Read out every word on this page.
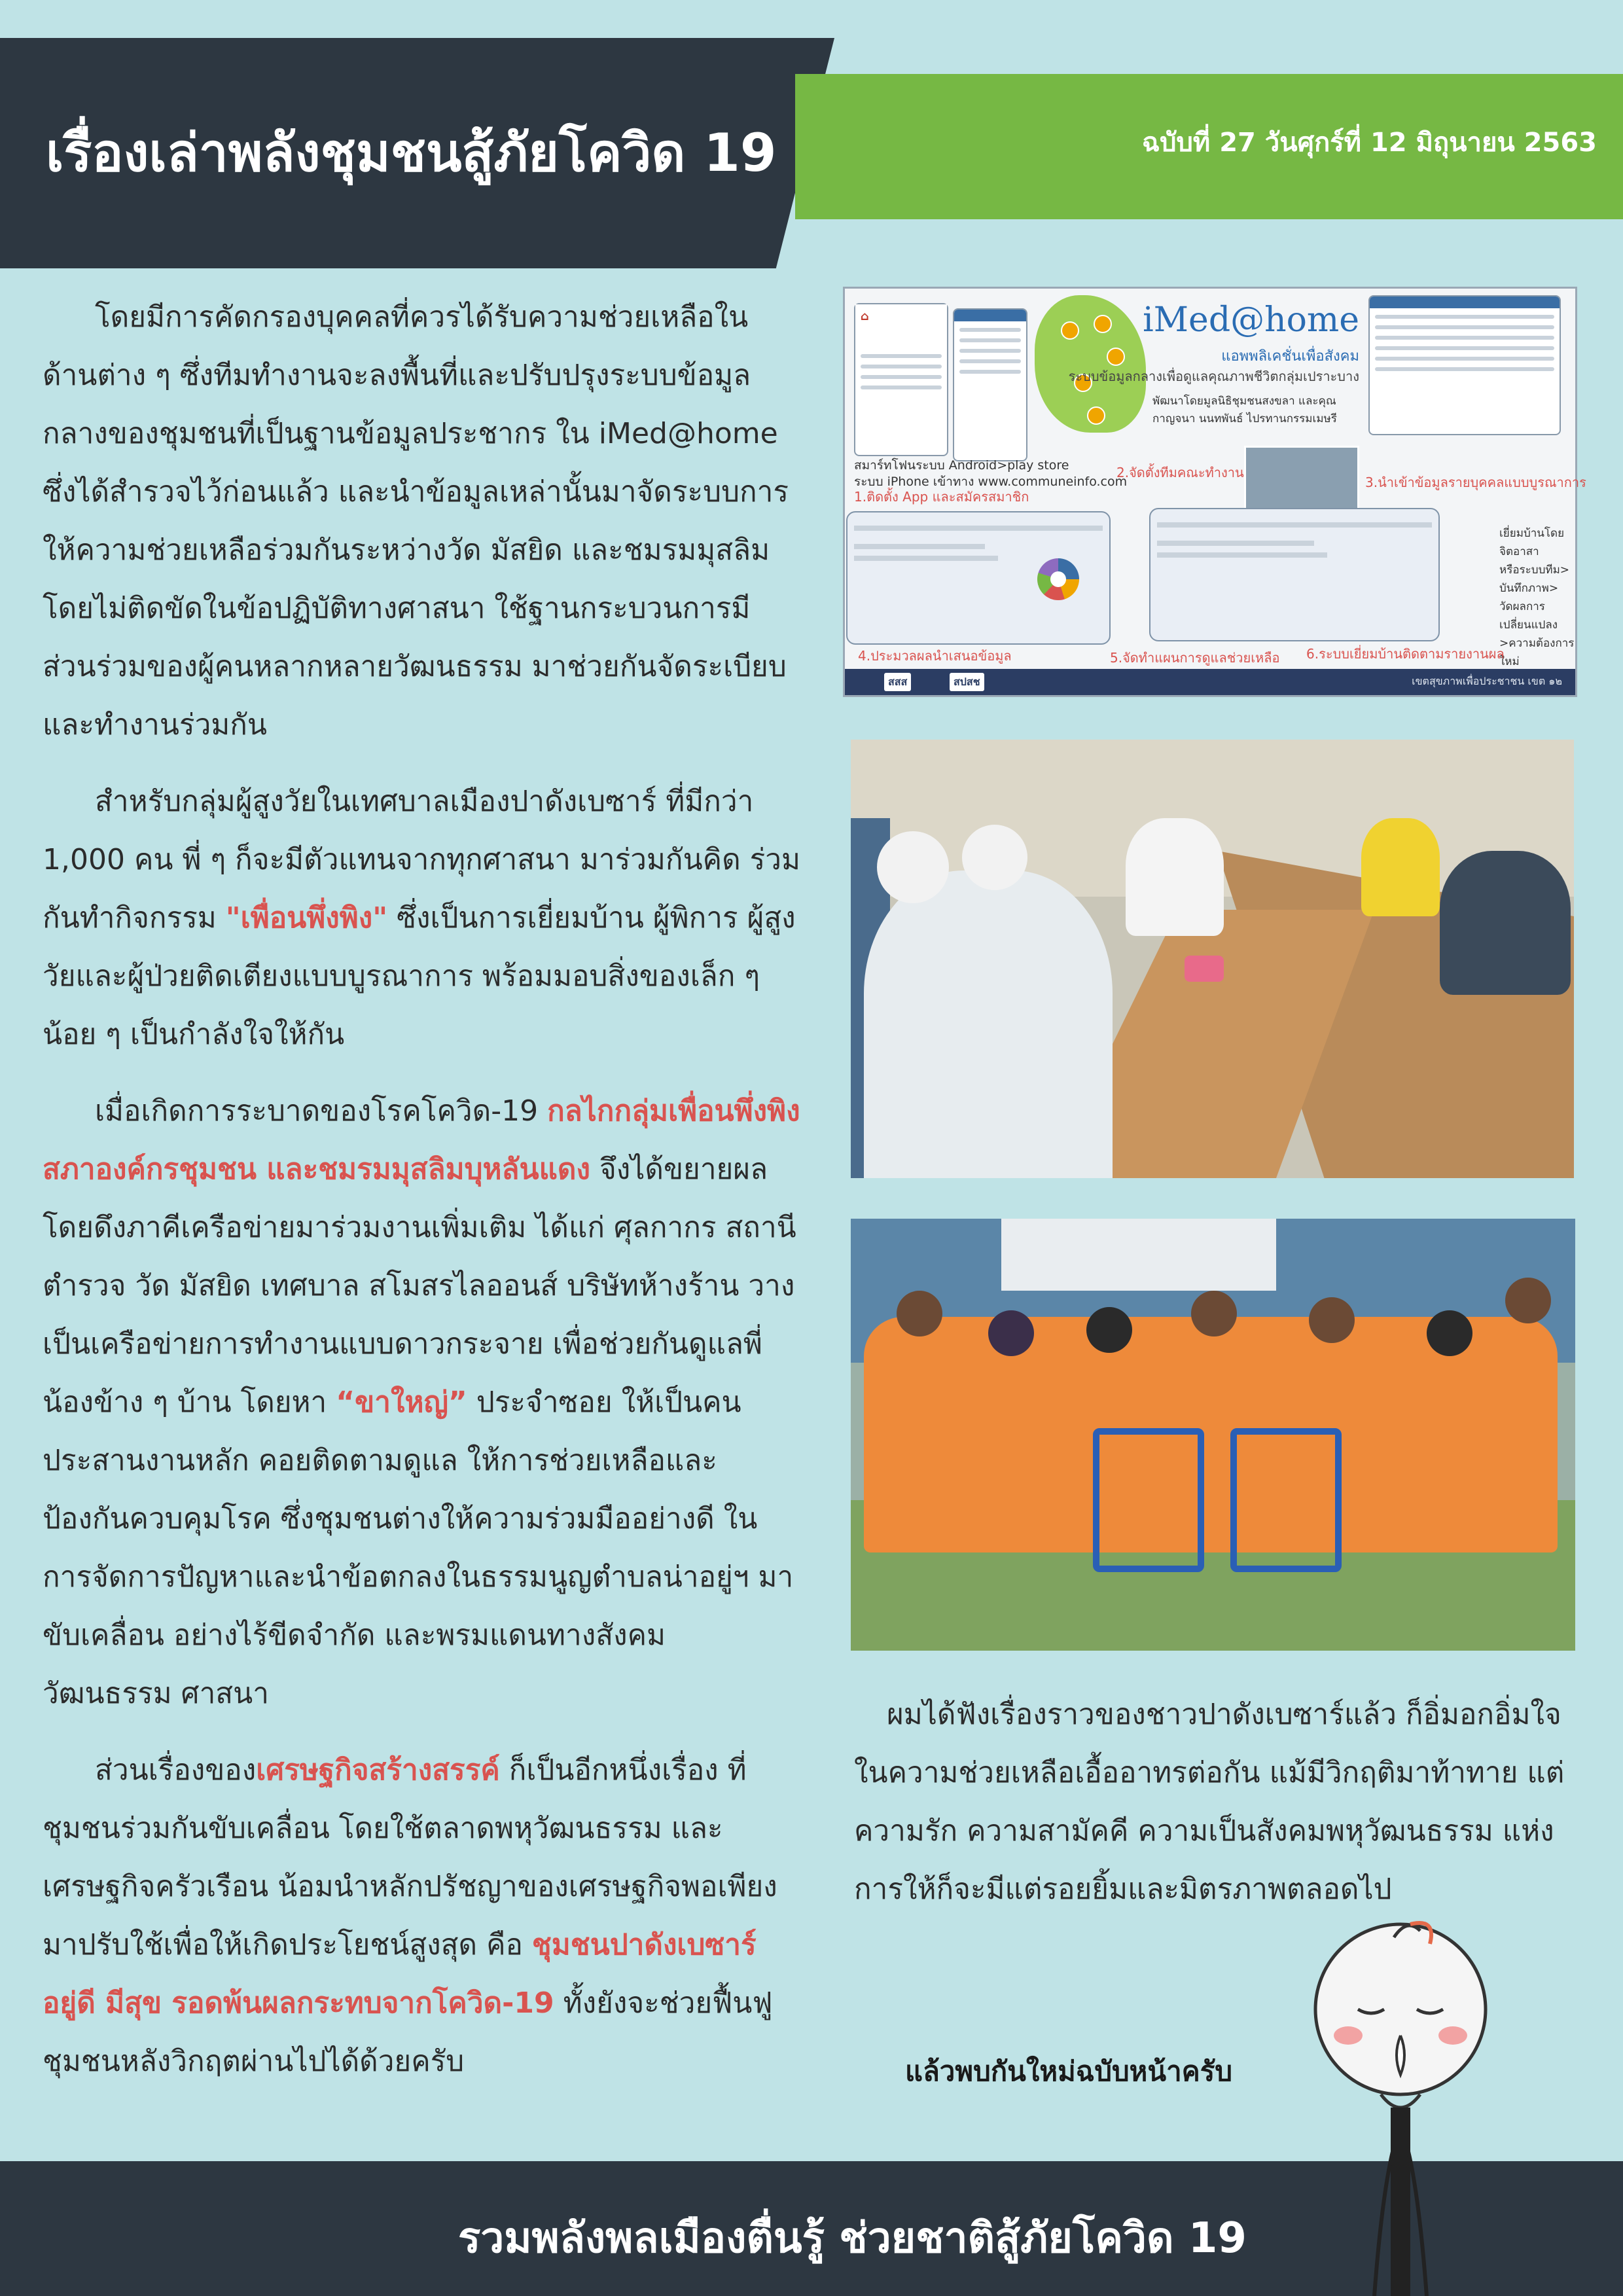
เรื่องเล่าพลังชุมชนสู้ภัยโควิด 19	ฉบับที่ 27 วันศุกร์ที่ 12 มิถุนายน 2563

โดยมีการคัดกรองบุคคลที่ควรได้รับความช่วยเหลือในด้านต่าง ๆ ซึ่งทีมทำงานจะลงพื้นที่และปรับปรุงระบบข้อมูลกลางของชุมชนที่เป็นฐานข้อมูลประชากร ใน iMed@home ซึ่งได้สำรวจไว้ก่อนแล้ว และนำข้อมูลเหล่านั้นมาจัดระบบการให้ความช่วยเหลือร่วมกันระหว่างวัด มัสยิด และชมรมมุสลิม โดยไม่ติดขัดในข้อปฏิบัติทางศาสนา ใช้ฐานกระบวนการมีส่วนร่วมของผู้คนหลากหลายวัฒนธรรม มาช่วยกันจัดระเบียบและทำงานร่วมกัน

สำหรับกลุ่มผู้สูงวัยในเทศบาลเมืองปาดังเบซาร์ ที่มีกว่า 1,000 คน พี่ ๆ ก็จะมีตัวแทนจากทุกศาสนา มาร่วมกันคิด ร่วมกันทำกิจกรรม "เพื่อนพึ่งพิง" ซึ่งเป็นการเยี่ยมบ้าน ผู้พิการ ผู้สูงวัยและผู้ป่วยติดเตียงแบบบูรณาการ พร้อมมอบสิ่งของเล็ก ๆ น้อย ๆ เป็นกำลังใจให้กัน

เมื่อเกิดการระบาดของโรคโควิด-19 กลไกกลุ่มเพื่อนพึ่งพิง สภาองค์กรชุมชน และชมรมมุสลิมบุหลันแดง จึงได้ขยายผล โดยดึงภาคีเครือข่ายมาร่วมงานเพิ่มเติม ได้แก่ ศุลกากร สถานีตำรวจ วัด มัสยิด เทศบาล สโมสรไลออนส์ บริษัทห้างร้าน วางเป็นเครือข่ายการทำงานแบบดาวกระจาย เพื่อช่วยกันดูแลพี่น้องข้าง ๆ บ้าน โดยหา “ขาใหญ่” ประจำซอย ให้เป็นคนประสานงานหลัก คอยติดตามดูแล ให้การช่วยเหลือและป้องกันควบคุมโรค ซึ่งชุมชนต่างให้ความร่วมมืออย่างดี ในการจัดการปัญหาและนำข้อตกลงในธรรมนูญตำบลน่าอยู่ฯ มาขับเคลื่อน อย่างไร้ขีดจำกัด และพรมแดนทางสังคม วัฒนธรรม ศาสนา

ส่วนเรื่องของเศรษฐกิจสร้างสรรค์ ก็เป็นอีกหนึ่งเรื่อง ที่ชุมชนร่วมกันขับเคลื่อน โดยใช้ตลาดพหุวัฒนธรรม และเศรษฐกิจครัวเรือน น้อมนำหลักปรัชญาของเศรษฐกิจพอเพียงมาปรับใช้เพื่อให้เกิดประโยชน์สูงสุด คือ ชุมชนปาดังเบซาร์อยู่ดี มีสุข รอดพ้นผลกระทบจากโควิด-19 ทั้งยังจะช่วยฟื้นฟูชุมชนหลังวิกฤตผ่านไปได้ด้วยครับ

⌂	iMed@home
แอพพลิเคชั่นเพื่อสังคม
ระบบข้อมูลกลางเพื่อดูแลคุณภาพชีวิตกลุ่มเปราะบาง
พัฒนาโดยมูลนิธิชุมชนสงขลา และคุณกาญจนา นนทพันธ์ ไปรทานกรรมเมษรี
สมาร์ทโฟนระบบ Android>play store
ระบบ iPhone เข้าทาง www.communeinfo.com
1.ติดตั้ง App และสมัครสมาชิก
2.จัดตั้งทีมคณะทำงาน
3.นำเข้าข้อมูลรายบุคคลแบบบูรณาการ
เยี่ยมบ้านโดยจิตอาสา
หรือระบบทีม>
บันทึกภาพ>
วัดผลการเปลี่ยนแปลง
>ความต้องการใหม่
4.ประมวลผลนำเสนอข้อมูล	5.จัดทำแผนการดูแลช่วยเหลือ 6.ระบบเยี่ยมบ้านติดตามรายงานผล
สสส	สปสช	เขตสุขภาพเพื่อประชาชน เขต ๑๒

ผมได้ฟังเรื่องราวของชาวปาดังเบซาร์แล้ว ก็อิ่มอกอิ่มใจ ในความช่วยเหลือเอื้ออาทรต่อกัน แม้มีวิกฤติมาท้าทาย แต่ความรัก ความสามัคคี ความเป็นสังคมพหุวัฒนธรรม แห่งการให้ก็จะมีแต่รอยยิ้มและมิตรภาพตลอดไป

แล้วพบกันใหม่ฉบับหน้าครับ
รวมพลังพลเมืองตื่นรู้ ช่วยชาติสู้ภัยโควิด 19
